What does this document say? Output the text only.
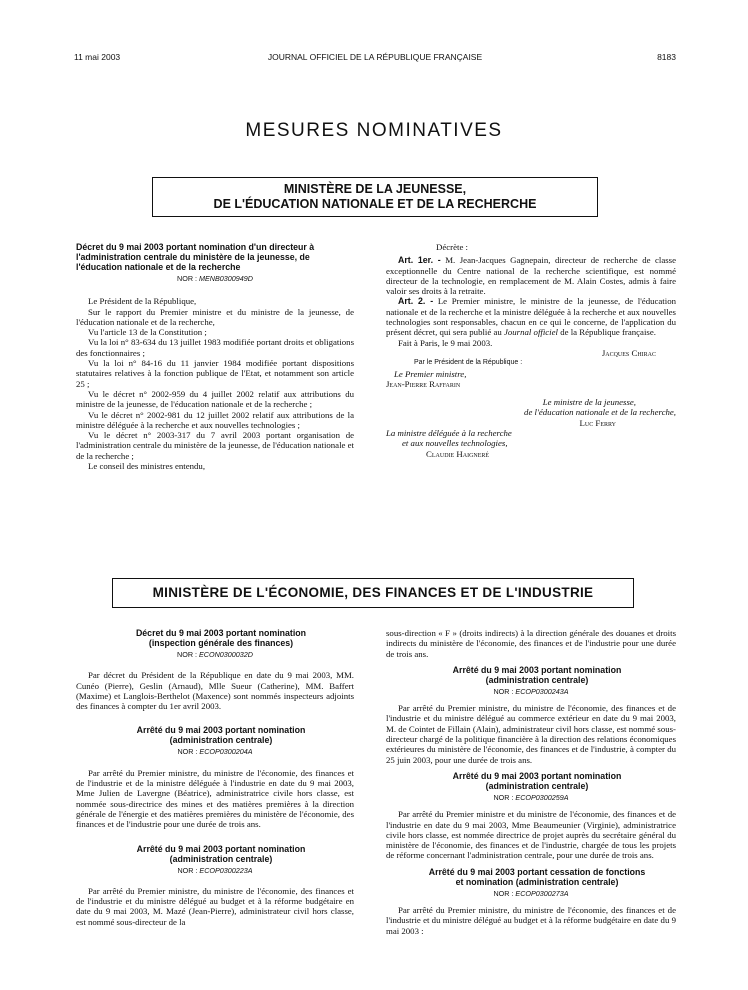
11 mai 2003	JOURNAL OFFICIEL DE LA RÉPUBLIQUE FRANÇAISE	8183
MESURES NOMINATIVES
MINISTÈRE DE LA JEUNESSE,
DE L'ÉDUCATION NATIONALE ET DE LA RECHERCHE

Décret du 9 mai 2003 portant nomination d'un directeur à l'administration centrale du ministère de la jeunesse, de l'éducation nationale et de la recherche

NOR : MENB0300949D

Le Président de la République,

Sur le rapport du Premier ministre et du ministre de la jeunesse, de l'éducation nationale et de la recherche,

Vu l'article 13 de la Constitution ;

Vu la loi n° 83-634 du 13 juillet 1983 modifiée portant droits et obligations des fonctionnaires ;

Vu la loi n° 84-16 du 11 janvier 1984 modifiée portant dispositions statutaires relatives à la fonction publique de l'Etat, et notamment son article 25 ;

Vu le décret n° 2002-959 du 4 juillet 2002 relatif aux attributions du ministre de la jeunesse, de l'éducation nationale et de la recherche ;

Vu le décret n° 2002-981 du 12 juillet 2002 relatif aux attributions de la ministre déléguée à la recherche et aux nouvelles technologies ;

Vu le décret n° 2003-317 du 7 avril 2003 portant organisation de l'administration centrale du ministère de la jeunesse, de l'éducation nationale et de la recherche ;

Le conseil des ministres entendu,

Décrète :

Art. 1er. - M. Jean-Jacques Gagnepain, directeur de recherche de classe exceptionnelle du Centre national de la recherche scientifique, est nommé directeur de la technologie, en remplacement de M. Alain Costes, admis à faire valoir ses droits à la retraite.

Art. 2. - Le Premier ministre, le ministre de la jeunesse, de l'éducation nationale et de la recherche et la ministre déléguée à la recherche et aux nouvelles technologies sont responsables, chacun en ce qui le concerne, de l'application du présent décret, qui sera publié au Journal officiel de la République française.

Fait à Paris, le 9 mai 2003.

Jacques Chirac

Par le Président de la République :

Le Premier ministre,

Jean-Pierre Raffarin

Le ministre de la jeunesse,

de l'éducation nationale et de la recherche,

Luc Ferry

La ministre déléguée à la recherche

et aux nouvelles technologies,

Claudie Haigneré

MINISTÈRE DE L'ÉCONOMIE, DES FINANCES ET DE L'INDUSTRIE

Décret du 9 mai 2003 portant nomination

(inspection générale des finances)

NOR : ECON0300032D

Par décret du Président de la République en date du 9 mai 2003, MM. Cunéo (Pierre), Geslin (Arnaud), Mlle Sueur (Catherine), MM. Baffert (Maxime) et Langlois-Berthelot (Maxence) sont nommés inspecteurs adjoints des finances à compter du 1er avril 2003.

Arrêté du 9 mai 2003 portant nomination

(administration centrale)

NOR : ECOP0300204A

Par arrêté du Premier ministre, du ministre de l'économie, des finances et de l'industrie et de la ministre déléguée à l'industrie en date du 9 mai 2003, Mme Julien de Lavergne (Béatrice), administratrice civile hors classe, est nommée sous-directrice des mines et des matières premières à la direction générale de l'énergie et des matières premières du ministère de l'économie, des finances et de l'industrie pour une durée de trois ans.

Arrêté du 9 mai 2003 portant nomination

(administration centrale)

NOR : ECOP0300223A

Par arrêté du Premier ministre, du ministre de l'économie, des finances et de l'industrie et du ministre délégué au budget et à la réforme budgétaire en date du 9 mai 2003, M. Mazé (Jean-Pierre), administrateur civil hors classe, est nommé sous-directeur de la

sous-direction « F » (droits indirects) à la direction générale des douanes et droits indirects du ministère de l'économie, des finances et de l'industrie pour une durée de trois ans.

Arrêté du 9 mai 2003 portant nomination

(administration centrale)

NOR : ECOP0300243A

Par arrêté du Premier ministre, du ministre de l'économie, des finances et de l'industrie et du ministre délégué au commerce extérieur en date du 9 mai 2003, M. de Cointet de Fillain (Alain), administrateur civil hors classe, est nommé sous-directeur chargé de la politique financière à la direction des relations économiques extérieures du ministère de l'économie, des finances et de l'industrie, à compter du 25 juin 2003, pour une durée de trois ans.

Arrêté du 9 mai 2003 portant nomination

(administration centrale)

NOR : ECOP0300259A

Par arrêté du Premier ministre et du ministre de l'économie, des finances et de l'industrie en date du 9 mai 2003, Mme Beaumeunier (Virginie), administratrice civile hors classe, est nommée directrice de projet auprès du secrétaire général du ministère de l'économie, des finances et de l'industrie, chargée de tous les projets de réforme concernant l'administration centrale, pour une durée de trois ans.

Arrêté du 9 mai 2003 portant cessation de fonctions

et nomination (administration centrale)

NOR : ECOP0300273A

Par arrêté du Premier ministre, du ministre de l'économie, des finances et de l'industrie et du ministre délégué au budget et à la réforme budgétaire en date du 9 mai 2003 :
